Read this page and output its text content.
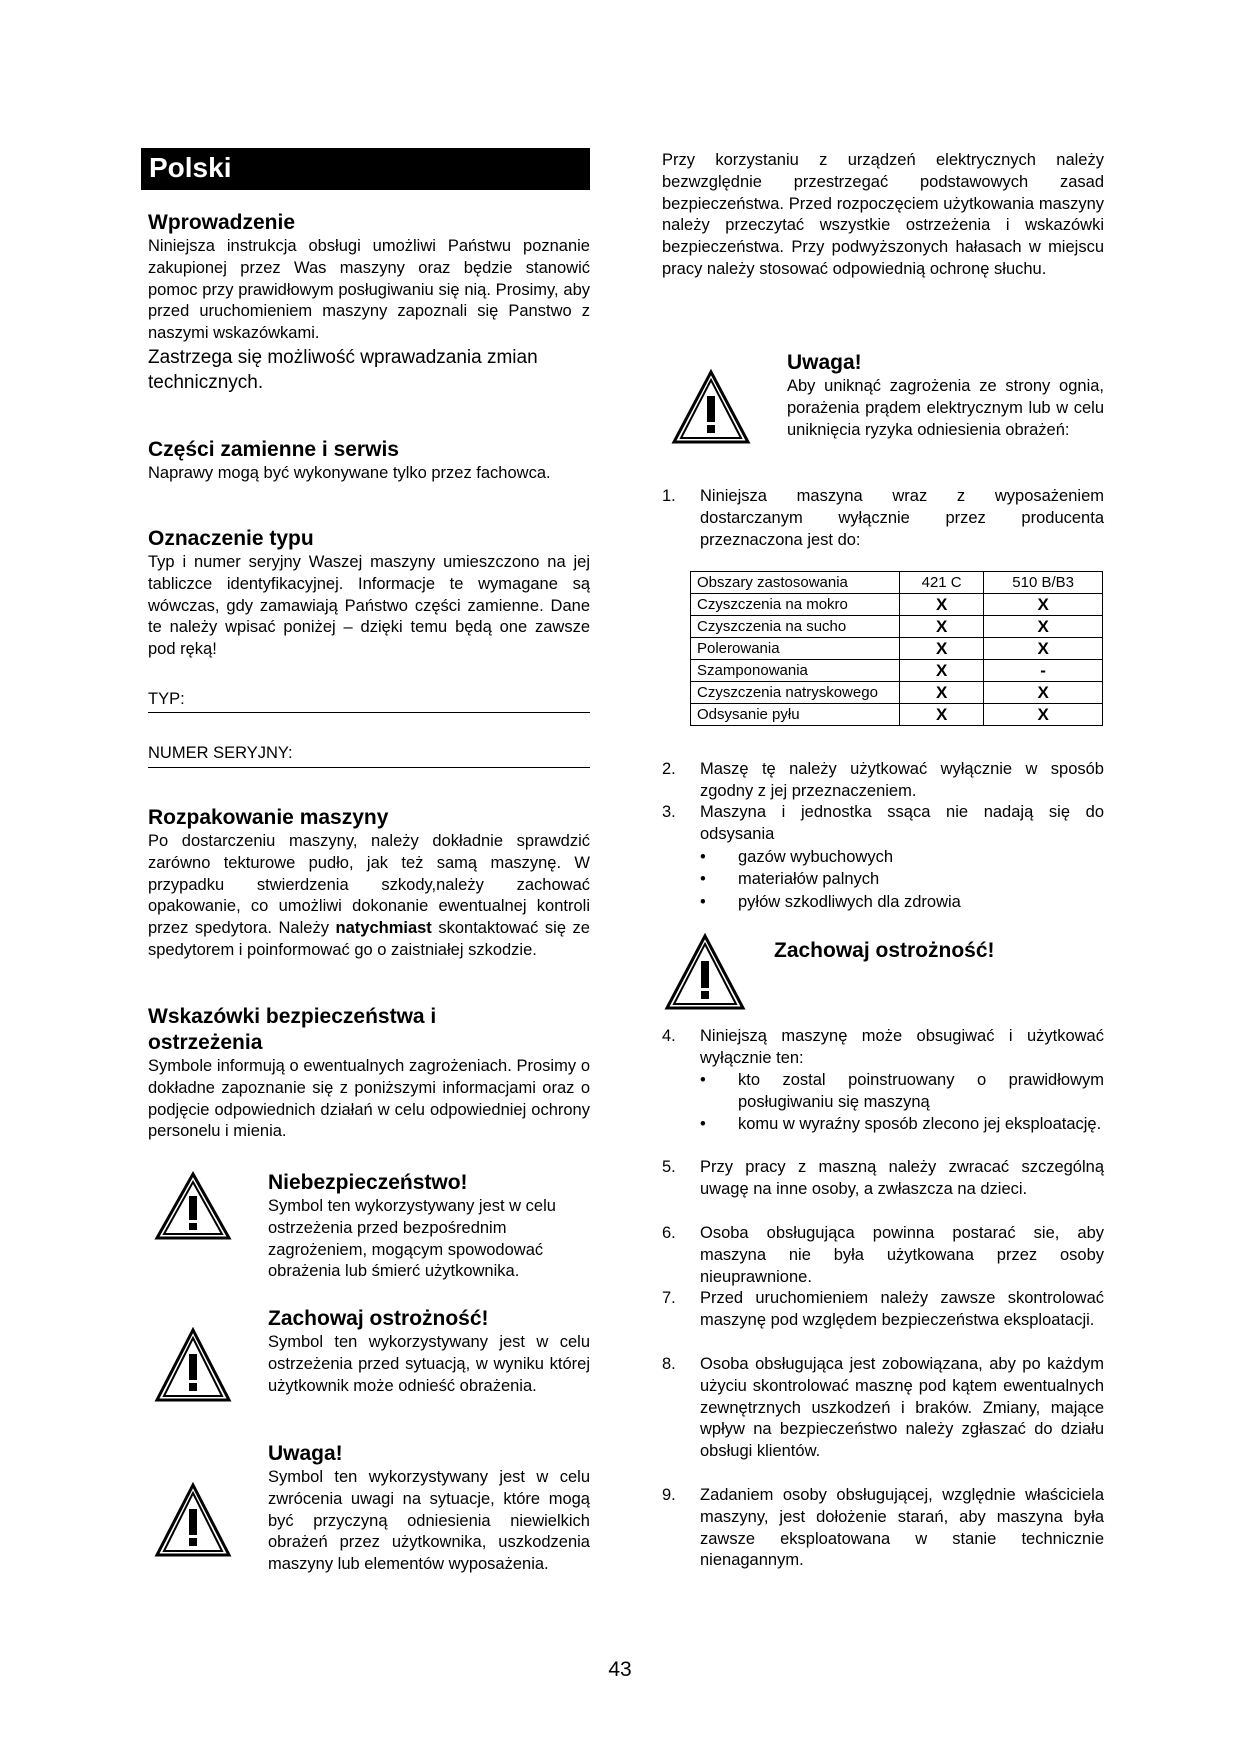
Polski

Wprowadzenie

Niniejsza instrukcja obsługi umożliwi Państwu poznanie zakupionej przez Was maszyny oraz będzie stanowić pomoc przy prawidłowym posługiwaniu się nią. Prosimy, aby przed uruchomieniem maszyny zapoznali się Panstwo z naszymi wskazówkami.

Zastrzega się możliwość wprawadzania zmian technicznych.

Części zamienne i serwis

Naprawy mogą być wykonywane tylko przez fachowca.

Oznaczenie typu

Typ i numer seryjny Waszej maszyny umieszczono na jej tabliczce identyfikacyjnej. Informacje te wymagane są wówczas, gdy zamawiają Państwo części zamienne. Dane te należy wpisać poniżej – dzięki temu będą one zawsze pod ręką!

TYP:
NUMER SERYJNY:

Rozpakowanie maszyny

Po dostarczeniu maszyny, należy dokładnie sprawdzić zarówno tekturowe pudło, jak też samą maszynę. W przypadku stwierdzenia szkody,należy zachować opakowanie, co umożliwi dokonanie ewentualnej kontroli przez spedytora. Należy natychmiast skontaktować się ze spedytorem i poinformować go o zaistniałej szkodzie.

Wskazówki bezpieczeństwa i

ostrzeżenia

Symbole informują o ewentualnych zagrożeniach. Prosimy o dokładne zapoznanie się z poniższymi informacjami oraz o podjęcie odpowiednich działań w celu odpowiedniej ochrony personelu i mienia.

Niebezpieczeństwo!
Symbol ten wykorzystywany jest w celu ostrzeżenia przed bezpośrednim zagrożeniem, mogącym spowodować obrażenia lub śmierć użytkownika.
Zachowaj ostrożność!
Symbol ten wykorzystywany jest w celu ostrzeżenia przed sytuacją, w wyniku której użytkownik może odnieść obrażenia.
Uwaga!
Symbol ten wykorzystywany jest w celu zwrócenia uwagi na sytuacje, które mogą być przyczyną odniesienia niewielkich obrażeń przez użytkownika, uszkodzenia maszyny lub elementów wyposażenia.

Przy korzystaniu z urządzeń elektrycznych należy bezwzględnie przestrzegać podstawowych zasad bezpieczeństwa. Przed rozpoczęciem użytkowania maszyny należy przeczytać wszystkie ostrzeżenia i wskazówki bezpieczeństwa. Przy podwyższonych hałasach w miejscu pracy należy stosować odpowiednią ochronę słuchu.

Uwaga!
Aby uniknąć zagrożenia ze strony ognia, porażenia prądem elektrycznym lub w celu uniknięcia ryzyka odniesienia obrażeń:
1.	Niniejsza maszyna wraz z wyposażeniem dostarczanym wyłącznie przez producenta przeznaczona jest do:
Obszary zastosowania	421 C	510 B/B3
Czyszczenia na mokro	X	X
Czyszczenia na sucho	X	X
Polerowania	X	X
Szamponowania	X	-
Czyszczenia natryskowego	X	X
Odsysanie pyłu	X	X
2.	Maszę tę należy użytkować wyłącznie w sposób zgodny z jej przeznaczeniem.
3.	Maszyna i jednostka ssąca nie nadają się do odsysania
• gazów wybuchowych
• materiałów palnych
• pyłów szkodliwych dla zdrowia
Zachowaj ostrożność!
4.	Niniejszą maszynę może obsugiwać i użytkować wyłącznie ten:
• kto zostal poinstruowany o prawidłowym posługiwaniu się maszyną
• komu w wyraźny sposób zlecono jej eksploatację.
5.	Przy pracy z maszną należy zwracać szczególną uwagę na inne osoby, a zwłaszcza na dzieci.
6.	Osoba obsługująca powinna postarać sie, aby maszyna nie była użytkowana przez osoby nieuprawnione.
7.	Przed uruchomieniem należy zawsze skontrolować maszynę pod względem bezpieczeństwa eksploatacji.
8.	Osoba obsługująca jest zobowiązana, aby po każdym użyciu skontrolować masznę pod kątem ewentualnych zewnętrznych uszkodzeń i braków. Zmiany, mające wpływ na bezpieczeństwo należy zgłaszać do działu obsługi klientów.
9.	Zadaniem osoby obsługującej, względnie właściciela maszyny, jest dołożenie starań, aby maszyna była zawsze eksploatowana w stanie technicznie nienagannym.
43
